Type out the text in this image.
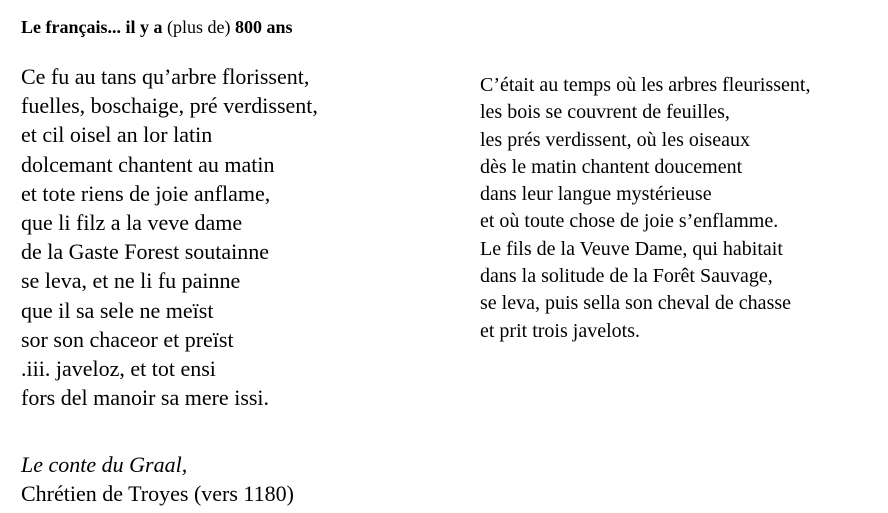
Le français... il y a (plus de) 800 ans
Ce fu au tans qu’arbre florissent,
fuelles, boschaige, pré verdissent,
et cil oisel an lor latin
dolcemant chantent au matin
et tote riens de joie anflame,
que li filz a la veve dame
de la Gaste Forest soutainne
se leva, et ne li fu painne
que il sa sele ne meïst
sor son chaceor et preïst
.iii. javeloz, et tot ensi
fors del manoir sa mere issi.
C’était au temps où les arbres fleurissent,
les bois se couvrent de feuilles,
les prés verdissent, où les oiseaux
dès le matin chantent doucement
dans leur langue mystérieuse
et où toute chose de joie s’enflamme.
Le fils de la Veuve Dame, qui habitait
dans la solitude de la Forêt Sauvage,
se leva, puis sella son cheval de chasse
et prit trois javelots.
Le conte du Graal,
Chrétien de Troyes (vers 1180)
